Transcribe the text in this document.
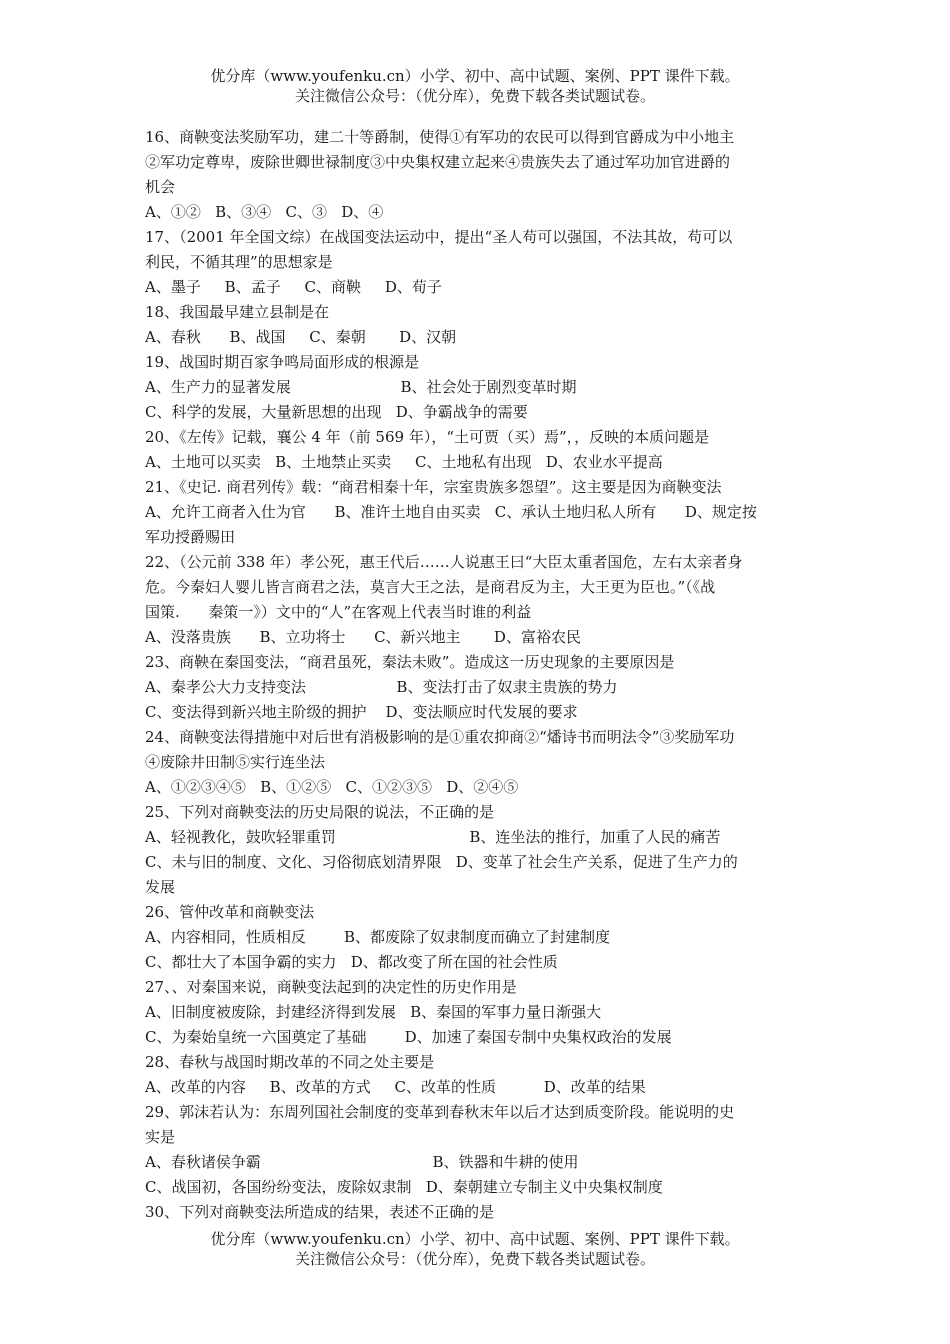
优分库（www.youfenku.cn）小学、初中、高中试题、案例、PPT 课件下载。
关注微信公众号：（优分库），免费下载各类试题试卷。
16、商鞅变法奖励军功，建二十等爵制，使得①有军功的农民可以得到官爵成为中小地主
②军功定尊卑，废除世卿世禄制度③中央集权建立起来④贵族失去了通过军功加官进爵的
机会
A、①②   B、③④   C、③   D、④
17、（2001 年全国文综）在战国变法运动中，提出“圣人苟可以强国，不法其故，苟可以
利民，不循其理”的思想家是
A、墨子     B、孟子     C、商鞅     D、荀子
18、我国最早建立县制是在
A、春秋      B、战国     C、秦朝       D、汉朝
19、战国时期百家争鸣局面形成的根源是
A、生产力的显著发展                       B、社会处于剧烈变革时期
C、科学的发展，大量新思想的出现   D、争霸战争的需要
20、《左传》记载，襄公 4 年（前 569 年），“土可贾（买）焉”，，反映的本质问题是
A、土地可以买卖   B、土地禁止买卖     C、土地私有出现   D、农业水平提高
21、《史记. 商君列传》载：“商君相秦十年，宗室贵族多怨望”。这主要是因为商鞅变法
A、允许工商者入仕为官      B、准许土地自由买卖   C、承认土地归私人所有      D、规定按
军功授爵赐田
22、（公元前 338 年）孝公死，惠王代后……人说惠王曰“大臣太重者国危，左右太亲者身
危。今秦妇人婴儿皆言商君之法，莫言大王之法，是商君反为主，大王更为臣也。”（《战
国策.      秦策一》）文中的“人”在客观上代表当时谁的利益
A、没落贵族      B、立功将士      C、新兴地主       D、富裕农民
23、商鞅在秦国变法，“商君虽死，秦法未败”。造成这一历史现象的主要原因是
A、秦孝公大力支持变法                   B、变法打击了奴隶主贵族的势力
C、变法得到新兴地主阶级的拥护    D、变法顺应时代发展的要求
24、商鞅变法得措施中对后世有消极影响的是①重农抑商②“燔诗书而明法令”③奖励军功
④废除井田制⑤实行连坐法
A、①②③④⑤   B、①②⑤   C、①②③⑤   D、②④⑤
25、下列对商鞅变法的历史局限的说法，不正确的是
A、轻视教化，鼓吹轻罪重罚                            B、连坐法的推行，加重了人民的痛苦
C、未与旧的制度、文化、习俗彻底划清界限   D、变革了社会生产关系，促进了生产力的
发展
26、管仲改革和商鞅变法
A、内容相同，性质相反        B、都废除了奴隶制度而确立了封建制度
C、都壮大了本国争霸的实力   D、都改变了所在国的社会性质
27、、对秦国来说，商鞅变法起到的决定性的历史作用是
A、旧制度被废除，封建经济得到发展   B、秦国的军事力量日渐强大
C、为秦始皇统一六国奠定了基础        D、加速了秦国专制中央集权政治的发展
28、春秋与战国时期改革的不同之处主要是
A、改革的内容     B、改革的方式     C、改革的性质          D、改革的结果
29、郭沫若认为：东周列国社会制度的变革到春秋末年以后才达到质变阶段。能说明的史
实是
A、春秋诸侯争霸                                    B、铁器和牛耕的使用
C、战国初，各国纷纷变法，废除奴隶制   D、秦朝建立专制主义中央集权制度
30、下列对商鞅变法所造成的结果，表述不正确的是
优分库（www.youfenku.cn）小学、初中、高中试题、案例、PPT 课件下载。
关注微信公众号：（优分库），免费下载各类试题试卷。
